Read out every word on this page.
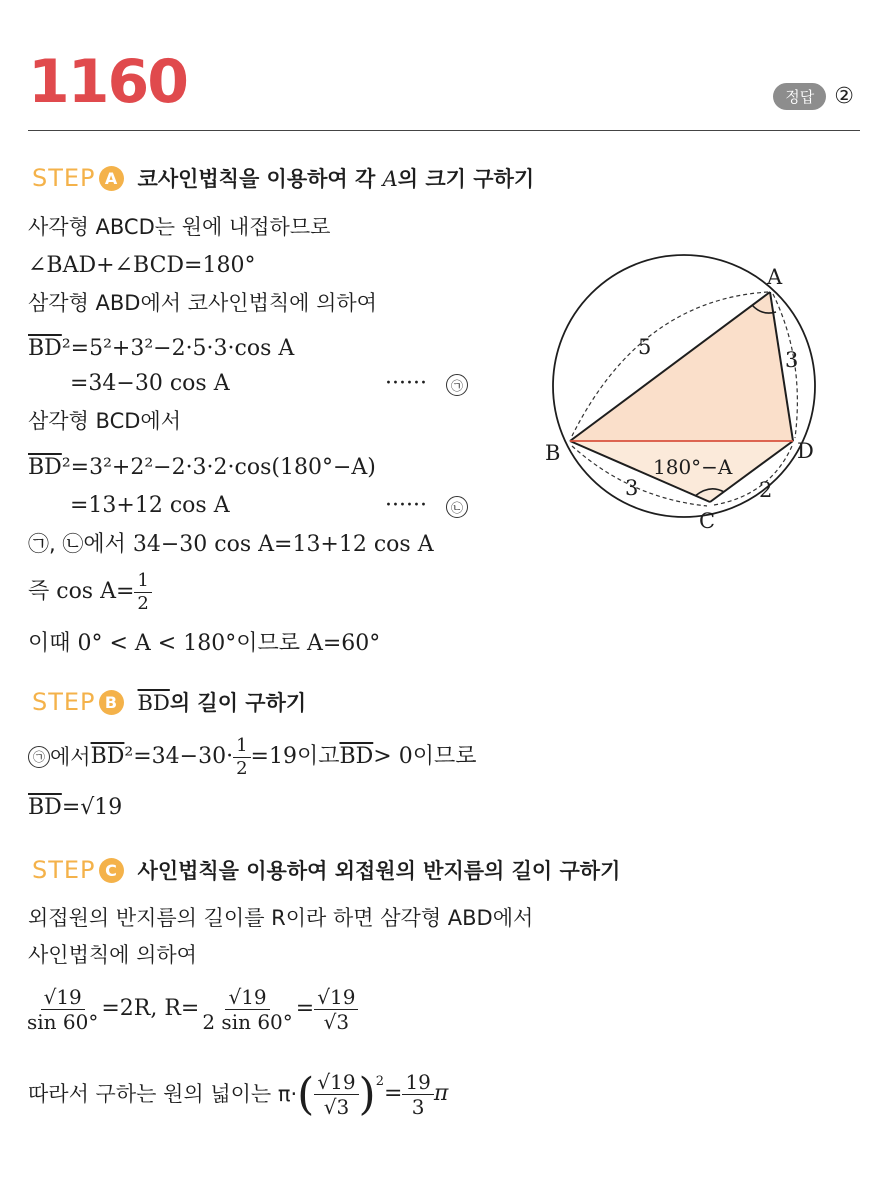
1160	정답 ②
STEP A 코사인법칙을 이용하여 각 A의 크기 구하기
사각형 ABCD는 원에 내접하므로
∠BAD+∠BCD=180°
삼각형 ABD에서 코사인법칙에 의하여
$\overline{BD}^2=5^2+3^2-2\cdot 5\cdot 3\cdot\cos$ A
=34−30 cos A	······	㉠
삼각형 BCD에서
$\overline{BD}^2=3^2+2^2-2\cdot 3\cdot 2\cdot\cos(180^\circ-A)$
=13+12 cos A	······	㉡
㉠, ㉡에서 34−30 cos A=13+12 cos A
즉 $\cos A= \frac{1}{2}$
이때 0° < A < 180°이므로 A=60°
A
B
C
D
5
3
3	2
180°−A
STEP B $\overline{BD}$의 길이 구하기
㉠ 에서 $\overline{BD}$ $^2=34-30\cdot \frac{1}{2} =19$이고 $\overline{BD} > 0$이므로
$\overline{BD}=√19$
STEP C 사인법칙을 이용하여 외접원의 반지름의 길이 구하기
외접원의 반지름의 길이를 R이라 하면 삼각형 ABD에서
사인법칙에 의하여
$\frac{√19}{\sin 60^\circ} =2R$, $R= \frac{√19}{2 \sin 60^\circ} = \frac{√19}{√3}$
따라서 구하는 원의 넓이는 π· ( $\frac{√19}{√3} )^2 = \frac{19}{3}$ π
